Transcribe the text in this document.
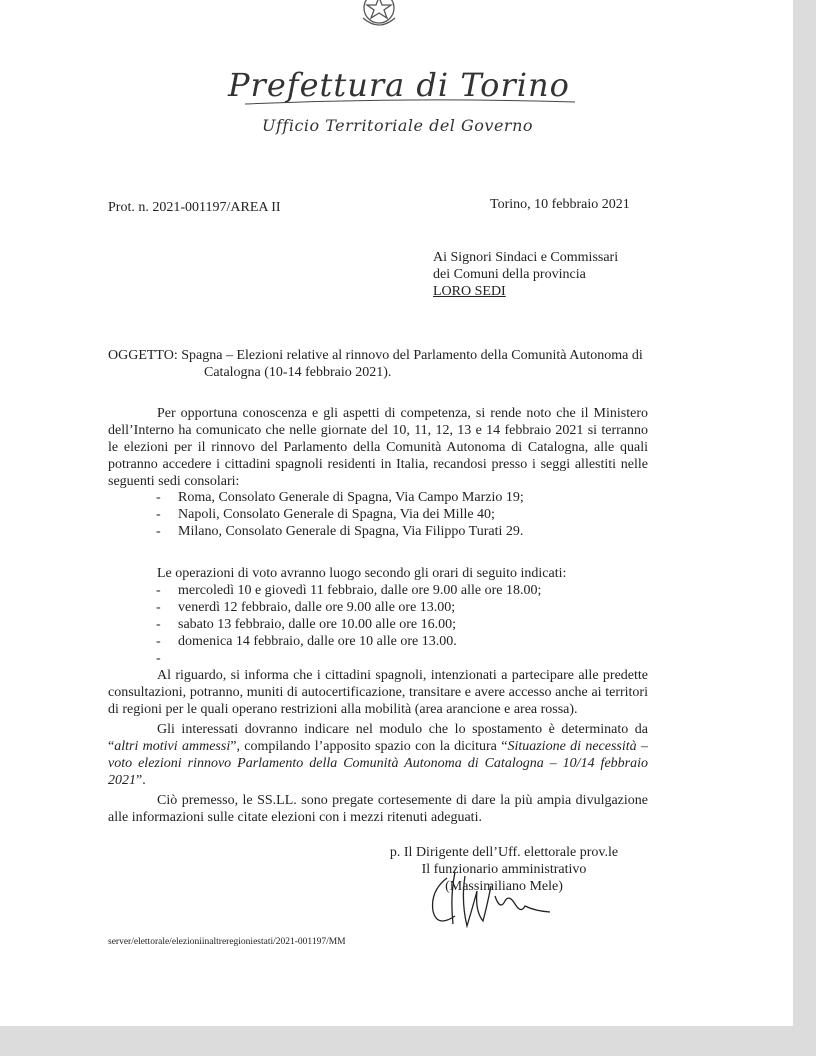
Prefettura di Torino
Ufficio Territoriale del Governo
Prot. n. 2021-001197/AREA II	Torino, 10 febbraio 2021
Ai Signori Sindaci e Commissari
dei Comuni della provincia
LORO SEDI
OGGETTO: Spagna – Elezioni relative al rinnovo del Parlamento della Comunità Autonoma di
Catalogna (10-14 febbraio 2021).
Per opportuna conoscenza e gli aspetti di competenza, si rende noto che il Ministero dell’Interno ha comunicato che nelle giornate del 10, 11, 12, 13 e 14 febbraio 2021 si terranno le elezioni per il rinnovo del Parlamento della Comunità Autonoma di Catalogna, alle quali potranno accedere i cittadini spagnoli residenti in Italia, recandosi presso i seggi allestiti nelle seguenti sedi consolari:
- Roma, Consolato Generale di Spagna, Via Campo Marzio 19;
- Napoli, Consolato Generale di Spagna, Via dei Mille 40;
- Milano, Consolato Generale di Spagna, Via Filippo Turati 29.
Le operazioni di voto avranno luogo secondo gli orari di seguito indicati:
- mercoledì 10 e giovedì 11 febbraio, dalle ore 9.00 alle ore 18.00;
- venerdì 12 febbraio, dalle ore 9.00 alle ore 13.00;
- sabato 13 febbraio, dalle ore 10.00 alle ore 16.00;
- domenica 14 febbraio, dalle ore 10 alle ore 13.00.
-
Al riguardo, si informa che i cittadini spagnoli, intenzionati a partecipare alle predette consultazioni, potranno, muniti di autocertificazione, transitare e avere accesso anche ai territori di regioni per le quali operano restrizioni alla mobilità (area arancione e area rossa).
Gli interessati dovranno indicare nel modulo che lo spostamento è determinato da “altri motivi ammessi”, compilando l’apposito spazio con la dicitura “Situazione di necessità – voto elezioni rinnovo Parlamento della Comunità Autonoma di Catalogna – 10/14 febbraio 2021”.
Ciò premesso, le SS.LL. sono pregate cortesemente di dare la più ampia divulgazione alle informazioni sulle citate elezioni con i mezzi ritenuti adeguati.
p. Il Dirigente dell’Uff. elettorale prov.le
Il funzionario amministrativo
(Massimiliano Mele)
server/elettorale/elezioniinaltreregioniestati/2021-001197/MM
